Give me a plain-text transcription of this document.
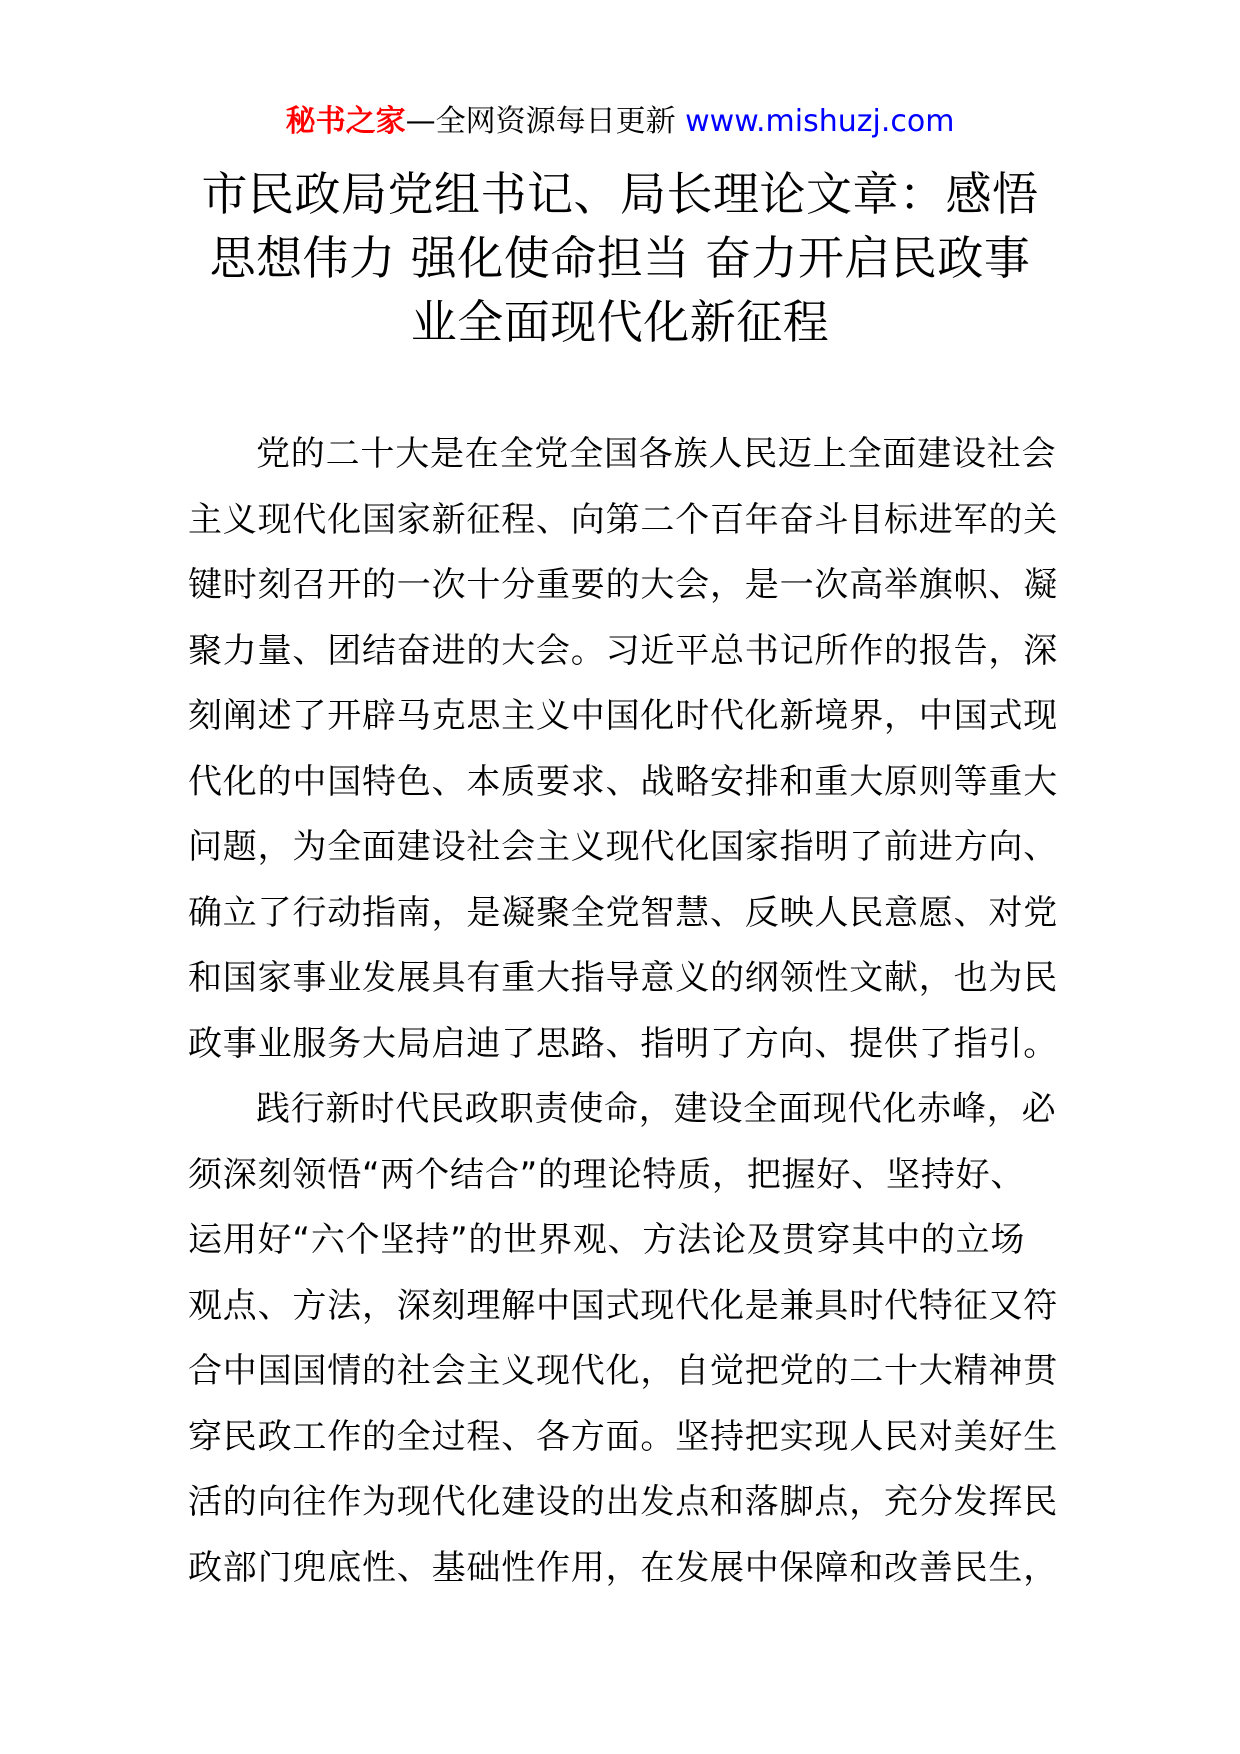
秘书之家—全网资源每日更新 www.mishuzj.com
市民政局党组书记、局长理论文章：感悟
思想伟力 强化使命担当 奋力开启民政事
业全面现代化新征程

党的二十大是在全党全国各族人民迈上全面建设社会
主义现代化国家新征程、向第二个百年奋斗目标进军的关
键时刻召开的一次十分重要的大会，是一次高举旗帜、凝
聚力量、团结奋进的大会。习近平总书记所作的报告，深
刻阐述了开辟马克思主义中国化时代化新境界，中国式现
代化的中国特色、本质要求、战略安排和重大原则等重大
问题，为全面建设社会主义现代化国家指明了前进方向、
确立了行动指南，是凝聚全党智慧、反映人民意愿、对党
和国家事业发展具有重大指导意义的纲领性文献，也为民
政事业服务大局启迪了思路、指明了方向、提供了指引。

践行新时代民政职责使命，建设全面现代化赤峰，必
须深刻领悟“两个结合”的理论特质，把握好、坚持好、
运用好“六个坚持”的世界观、方法论及贯穿其中的立场
观点、方法，深刻理解中国式现代化是兼具时代特征又符
合中国国情的社会主义现代化，自觉把党的二十大精神贯
穿民政工作的全过程、各方面。坚持把实现人民对美好生
活的向往作为现代化建设的出发点和落脚点，充分发挥民
政部门兜底性、基础性作用，在发展中保障和改善民生，
